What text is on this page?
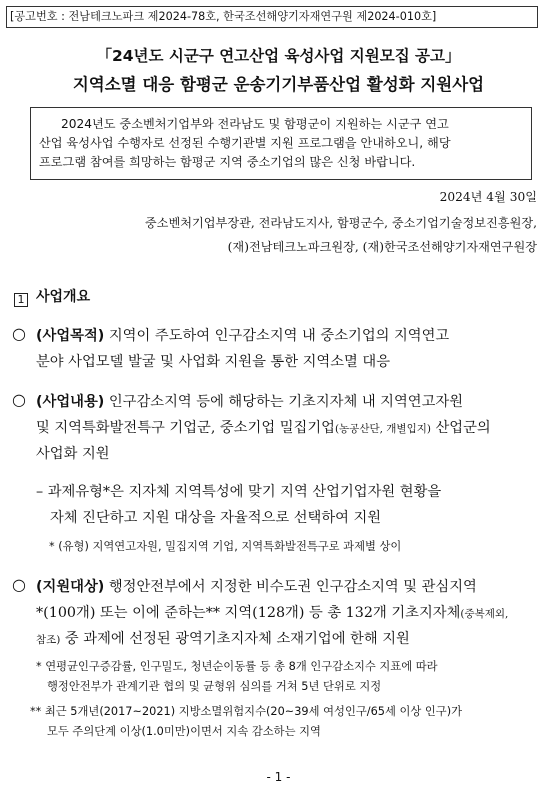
[공고번호 : 전남테크노파크 제2024-78호, 한국조선해양기자재연구원 제2024-010호]
「24년도 시군구 연고산업 육성사업 지원모집 공고」
지역소멸 대응 함평군 운송기기부품산업 활성화 지원사업
2024년도 중소벤처기업부와 전라남도 및 함평군이 지원하는 시군구 연고
산업 육성사업 수행자로 선정된 수행기관별 지원 프로그램을 안내하오니, 해당
프로그램 참여를 희망하는 함평군 지역 중소기업의 많은 신청 바랍니다.
2024년 4월 30일
중소벤처기업부장관, 전라남도지사, 함평군수, 중소기업기술정보진흥원장,
(재)전남테크노파크원장, (재)한국조선해양기자재연구원장
1 사업개요
○ (사업목적) 지역이 주도하여 인구감소지역 내 중소기업의 지역연고
분야 사업모델 발굴 및 사업화 지원을 통한 지역소멸 대응
○ (사업내용) 인구감소지역 등에 해당하는 기초지자체 내 지역연고자원
및 지역특화발전특구 기업군, 중소기업 밀집기업(농공산단, 개별입지) 산업군의
사업화 지원
– 과제유형*은 지자체 지역특성에 맞기 지역 산업기업자원 현황을
자체 진단하고 지원 대상을 자율적으로 선택하여 지원
* (유형) 지역연고자원, 밀집지역 기업, 지역특화발전특구로 과제별 상이
○ (지원대상) 행정안전부에서 지정한 비수도권 인구감소지역 및 관심지역
*(100개) 또는 이에 준하는** 지역(128개) 등 총 132개 기초지자체(중복제외,
참조) 중 과제에 선정된 광역기초지자체 소재기업에 한해 지원
* 연평균인구증감률, 인구밀도, 청년순이동률 등 총 8개 인구감소지수 지표에 따라
행정안전부가 관계기관 협의 및 균형위 심의를 거쳐 5년 단위로 지정
** 최근 5개년(2017~2021) 지방소멸위험지수(20~39세 여성인구/65세 이상 인구)가
모두 주의단계 이상(1.0미만)이면서 지속 감소하는 지역
- 1 -
